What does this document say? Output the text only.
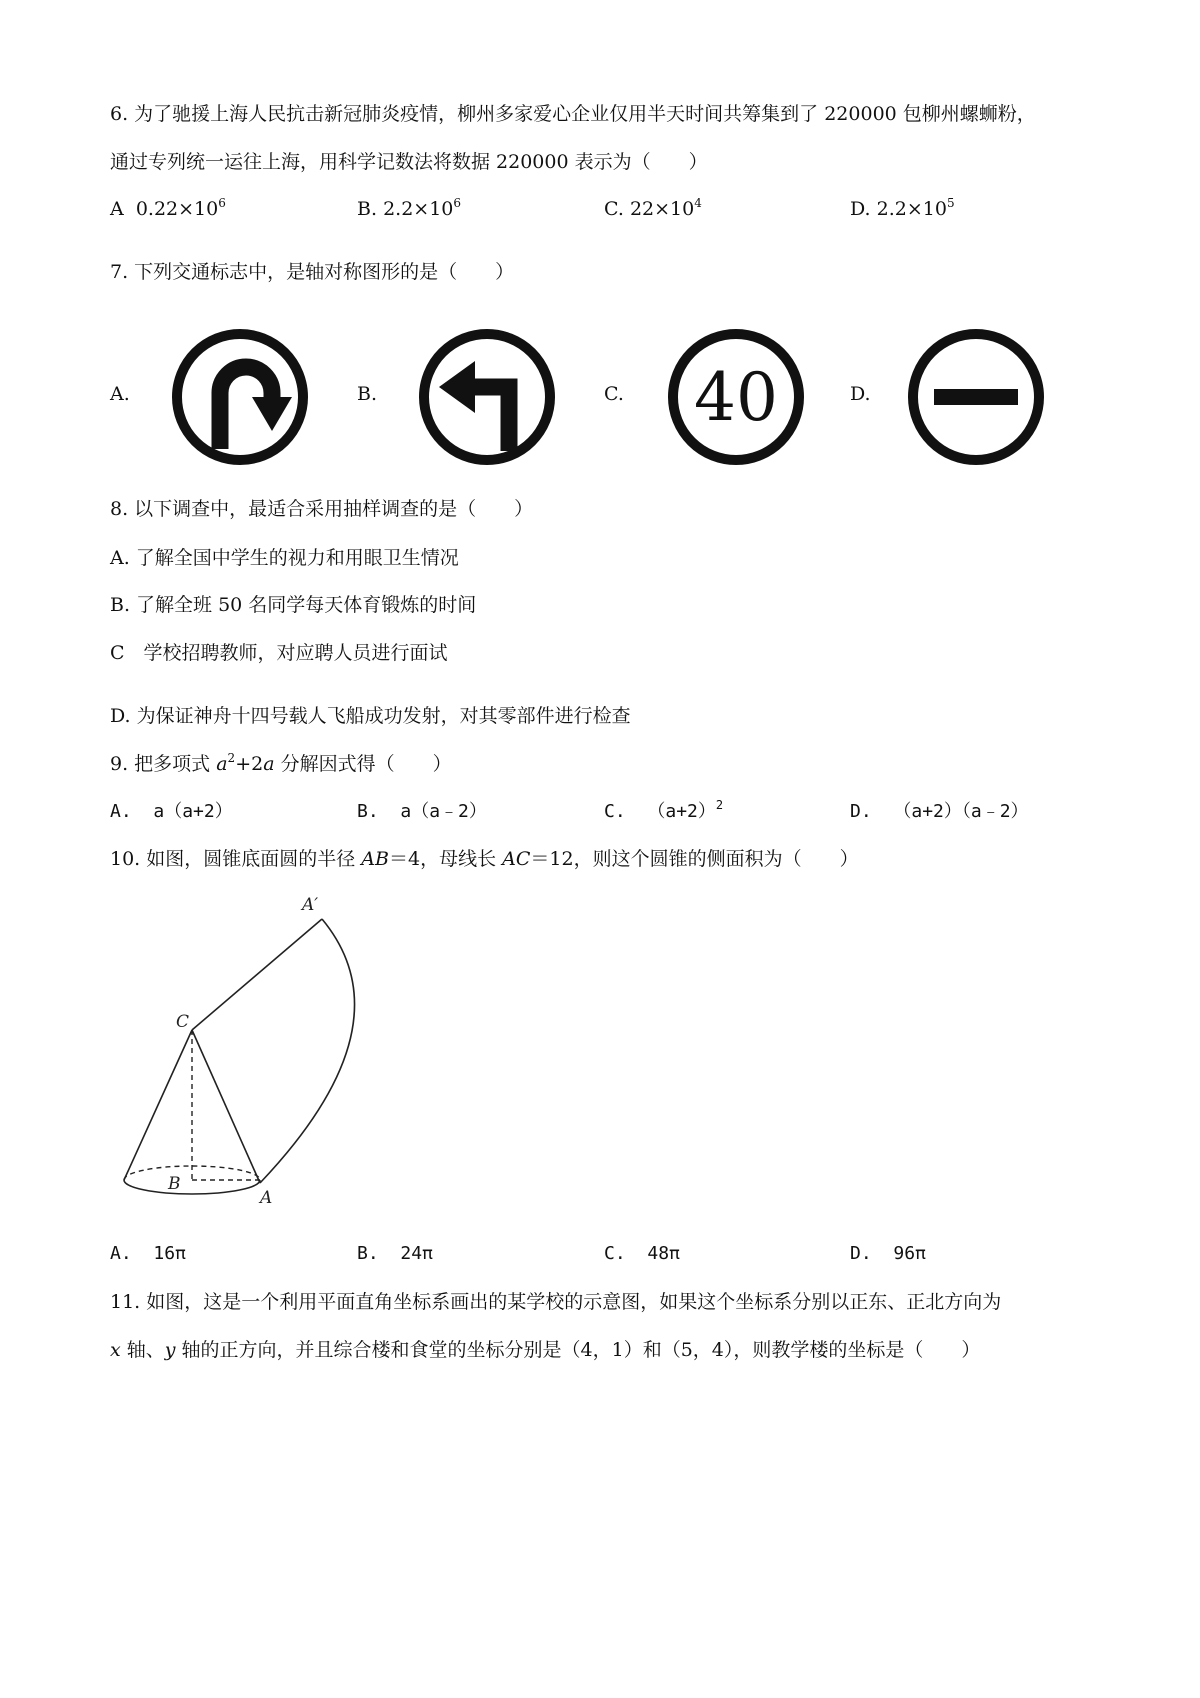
6. 为了驰援上海人民抗击新冠肺炎疫情，柳州多家爱心企业仅用半天时间共筹集到了 220000 包柳州螺蛳粉，
通过专列统一运往上海，用科学记数法将数据 220000 表示为（　　）
A $0.22\times 10^6$	B. $2.2\times 10^6$	C. $22\times 10^4$	D. $2.2\times 10^5$
7. 下列交通标志中，是轴对称图形的是（　　）
A.	B.	C. 40	D.
8. 以下调查中，最适合采用抽样调查的是（　　）
A. 了解全国中学生的视力和用眼卫生情况
B. 了解全班 50 名同学每天体育锻炼的时间
C　学校招聘教师，对应聘人员进行面试
D. 为保证神舟十四号载人飞船成功发射，对其零部件进行检查
9. 把多项式 $a^2+2a$ 分解因式得（　　）
A. a（a+2）	B. a（a﹣2）	C. $(a+2)^2$	D. （a+2）（a﹣2）
10. 如图，圆锥底面圆的半径 AB＝4，母线长 AC＝12，则这个圆锥的侧面积为（　　）
A′
C
B
A
A. 16π	B. 24π	C. 48π	D. 96π
11. 如图，这是一个利用平面直角坐标系画出的某学校的示意图，如果这个坐标系分别以正东、正北方向为
x 轴、y 轴的正方向，并且综合楼和食堂的坐标分别是（4，1）和（5，4），则教学楼的坐标是（　　）
